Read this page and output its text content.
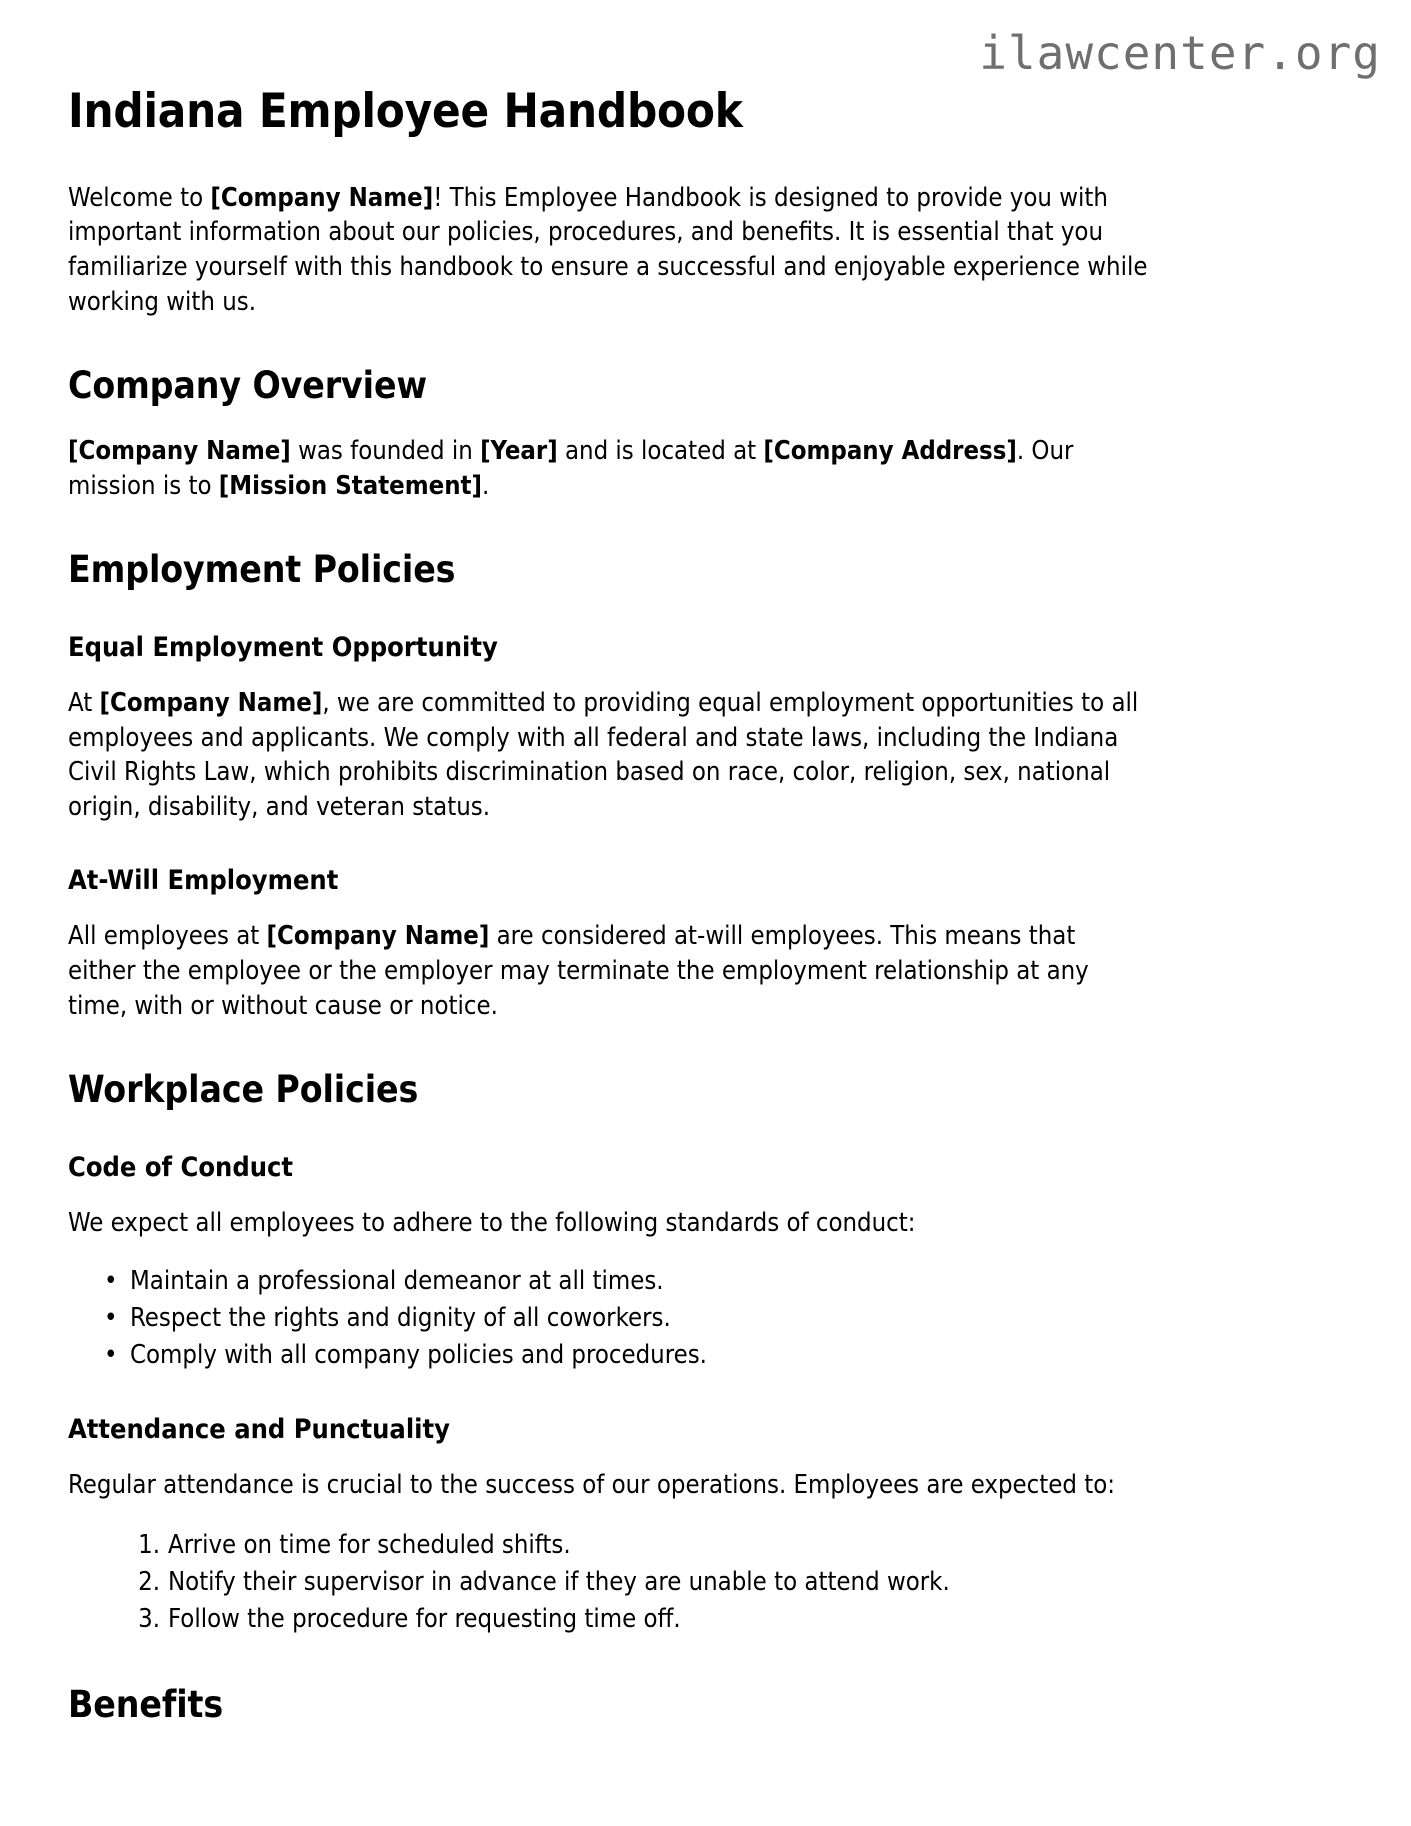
ilawcenter.org
Indiana Employee Handbook

Welcome to [Company Name]! This Employee Handbook is designed to provide you with important information about our policies, procedures, and benefits. It is essential that you familiarize yourself with this handbook to ensure a successful and enjoyable experience while working with us.

Company Overview

[Company Name] was founded in [Year] and is located at [Company Address]. Our mission is to [Mission Statement].

Employment Policies
Equal Employment Opportunity

At [Company Name], we are committed to providing equal employment opportunities to all employees and applicants. We comply with all federal and state laws, including the Indiana Civil Rights Law, which prohibits discrimination based on race, color, religion, sex, national origin, disability, and veteran status.

At-Will Employment

All employees at [Company Name] are considered at-will employees. This means that either the employee or the employer may terminate the employment relationship at any time, with or without cause or notice.

Workplace Policies
Code of Conduct

We expect all employees to adhere to the following standards of conduct:

• Maintain a professional demeanor at all times.
• Respect the rights and dignity of all coworkers.
• Comply with all company policies and procedures.
Attendance and Punctuality

Regular attendance is crucial to the success of our operations. Employees are expected to:

Arrive on time for scheduled shifts.
Notify their supervisor in advance if they are unable to attend work.
Follow the procedure for requesting time off.
Benefits
